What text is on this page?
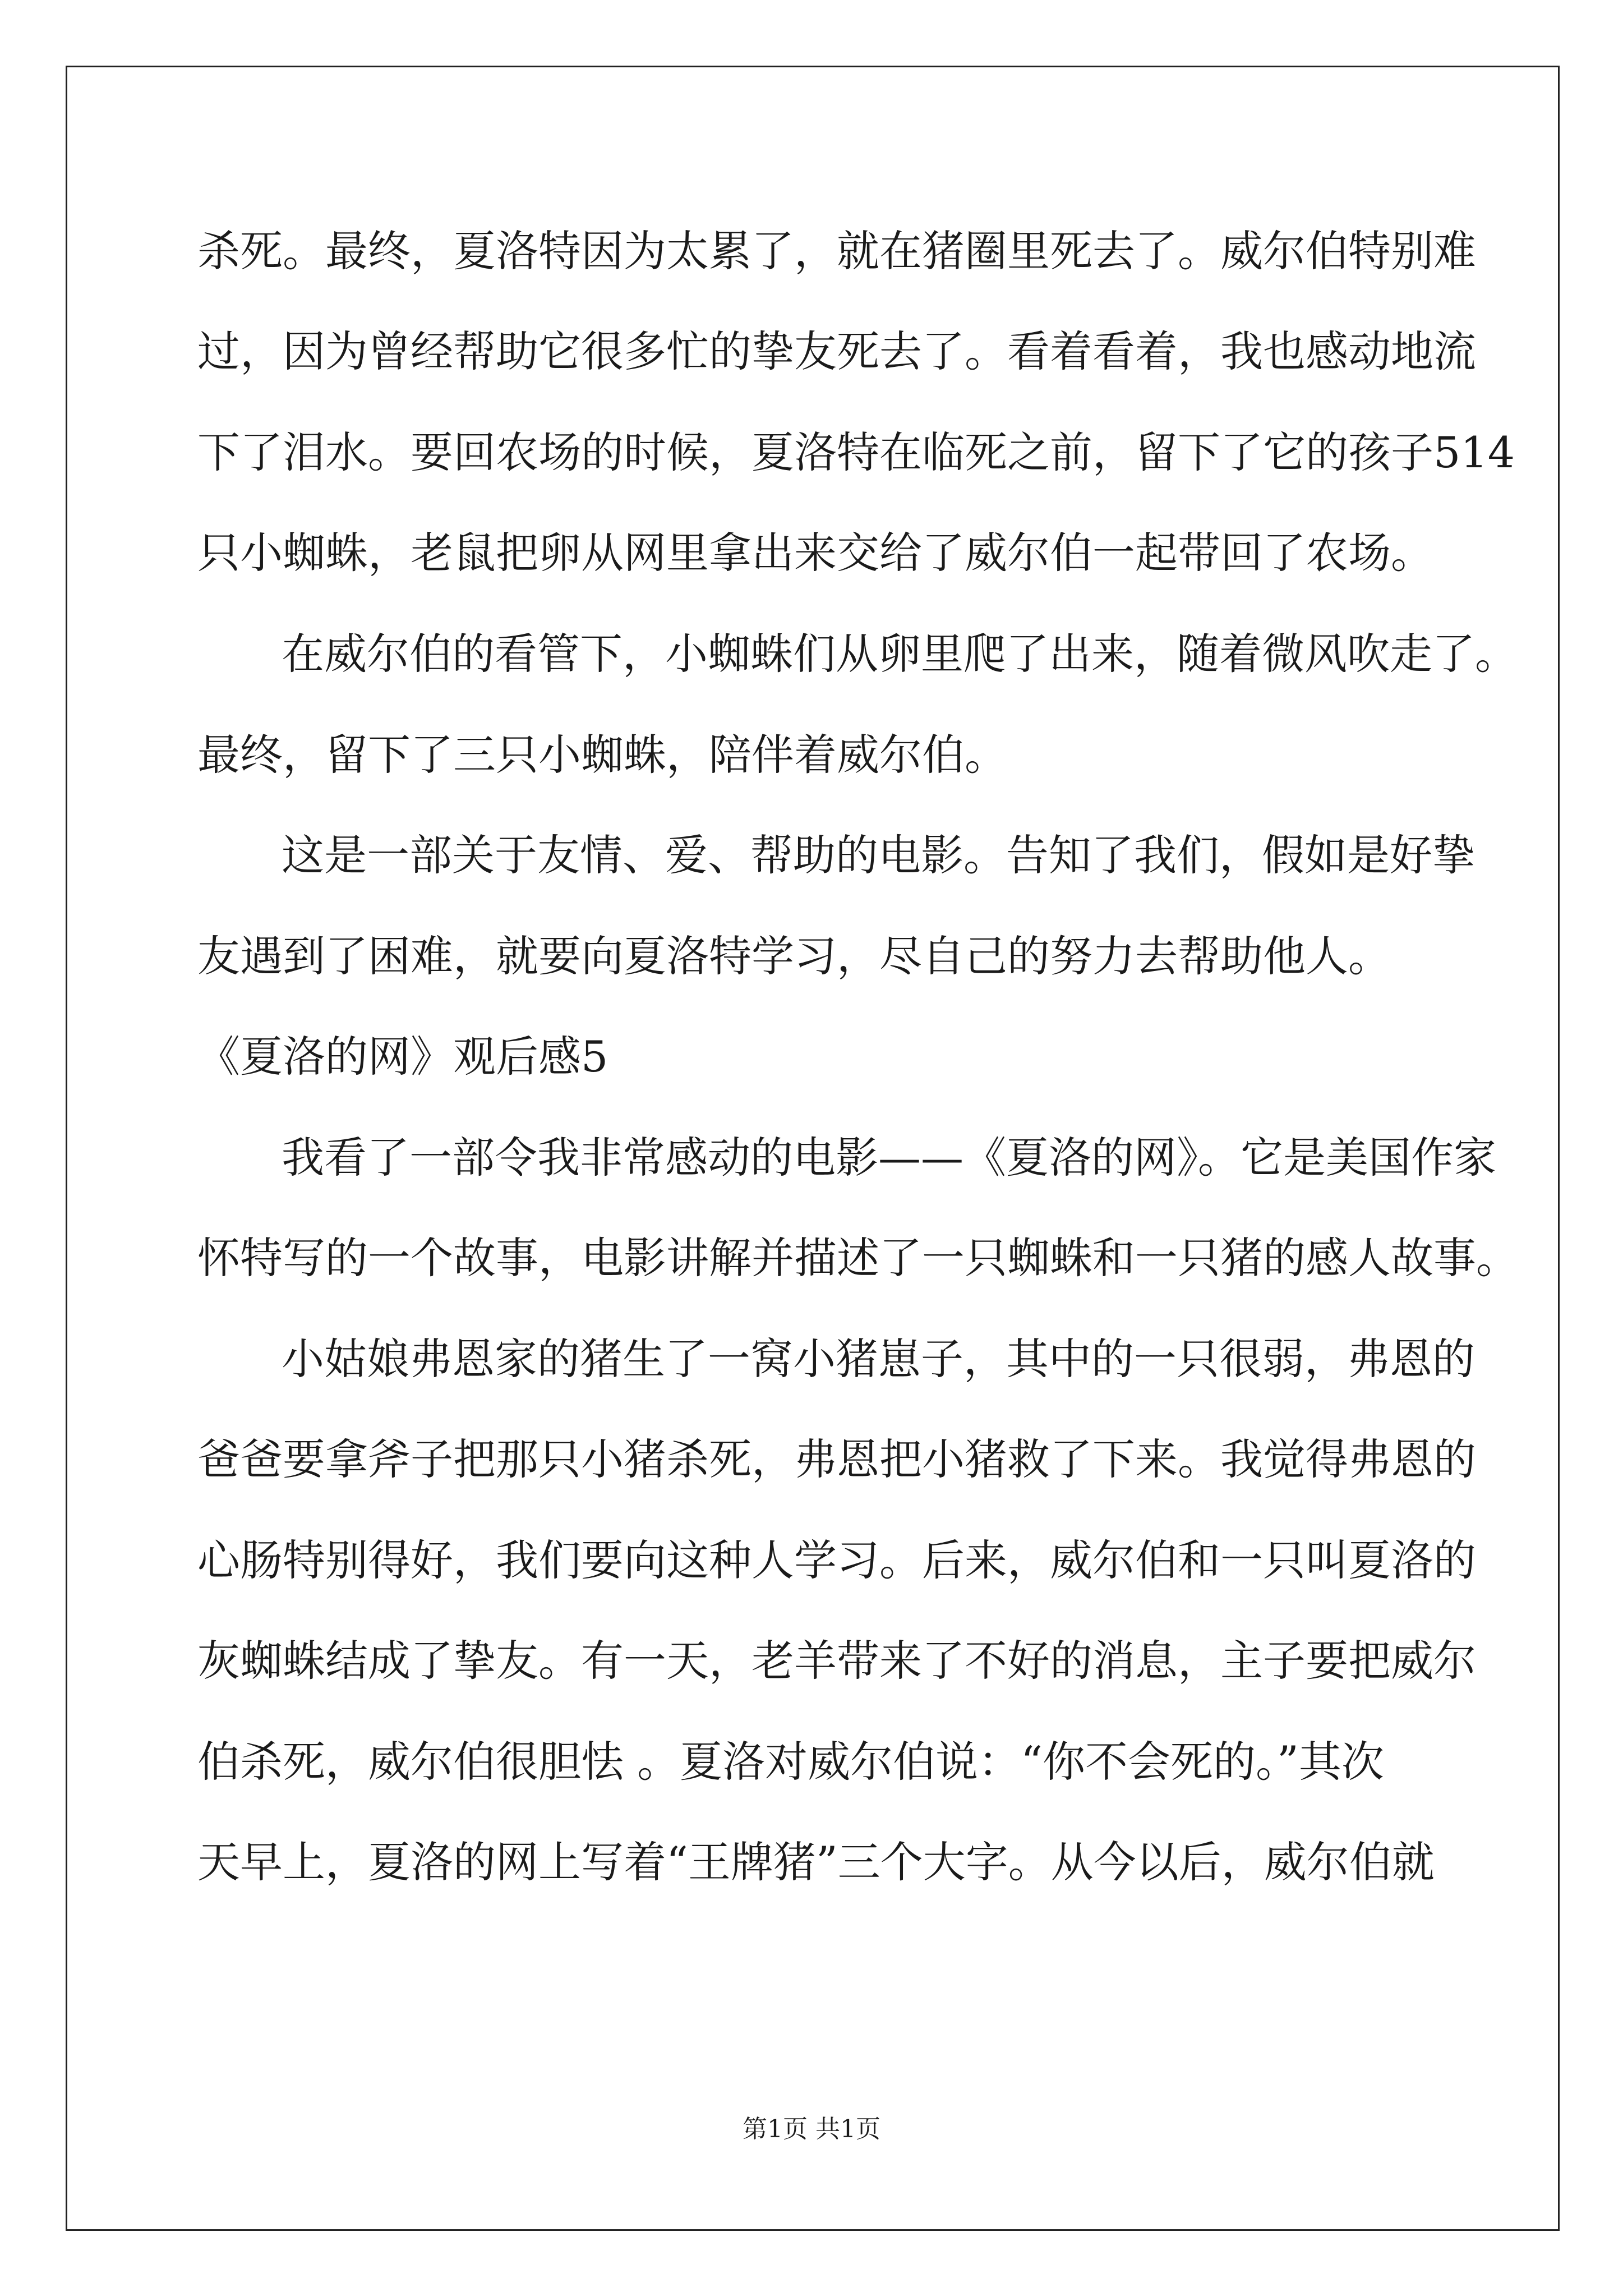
杀死。最终，夏洛特因为太累了，就在猪圈里死去了。威尔伯特别难
过，因为曾经帮助它很多忙的挚友死去了。看着看着，我也感动地流
下了泪水。要回农场的时候，夏洛特在临死之前，留下了它的孩子514
只小蜘蛛，老鼠把卵从网里拿出来交给了威尔伯一起带回了农场。
在威尔伯的看管下，小蜘蛛们从卵里爬了出来，随着微风吹走了。
最终，留下了三只小蜘蛛，陪伴着威尔伯。
这是一部关于友情、爱、帮助的电影。告知了我们，假如是好挚
友遇到了困难，就要向夏洛特学习，尽自己的努力去帮助他人。
《夏洛的网》观后感5
我看了一部令我非常感动的电影——《夏洛的网》。它是美国作家
怀特写的一个故事，电影讲解并描述了一只蜘蛛和一只猪的感人故事。
小姑娘弗恩家的猪生了一窝小猪崽子，其中的一只很弱，弗恩的
爸爸要拿斧子把那只小猪杀死，弗恩把小猪救了下来。我觉得弗恩的
心肠特别得好，我们要向这种人学习。后来，威尔伯和一只叫夏洛的
灰蜘蛛结成了挚友。有一天，老羊带来了不好的消息，主子要把威尔
伯杀死，威尔伯很胆怯 。夏洛对威尔伯说：“你不会死的。”其次
天早上，夏洛的网上写着“王牌猪”三个大字。从今以后，威尔伯就
第1页 共1页
